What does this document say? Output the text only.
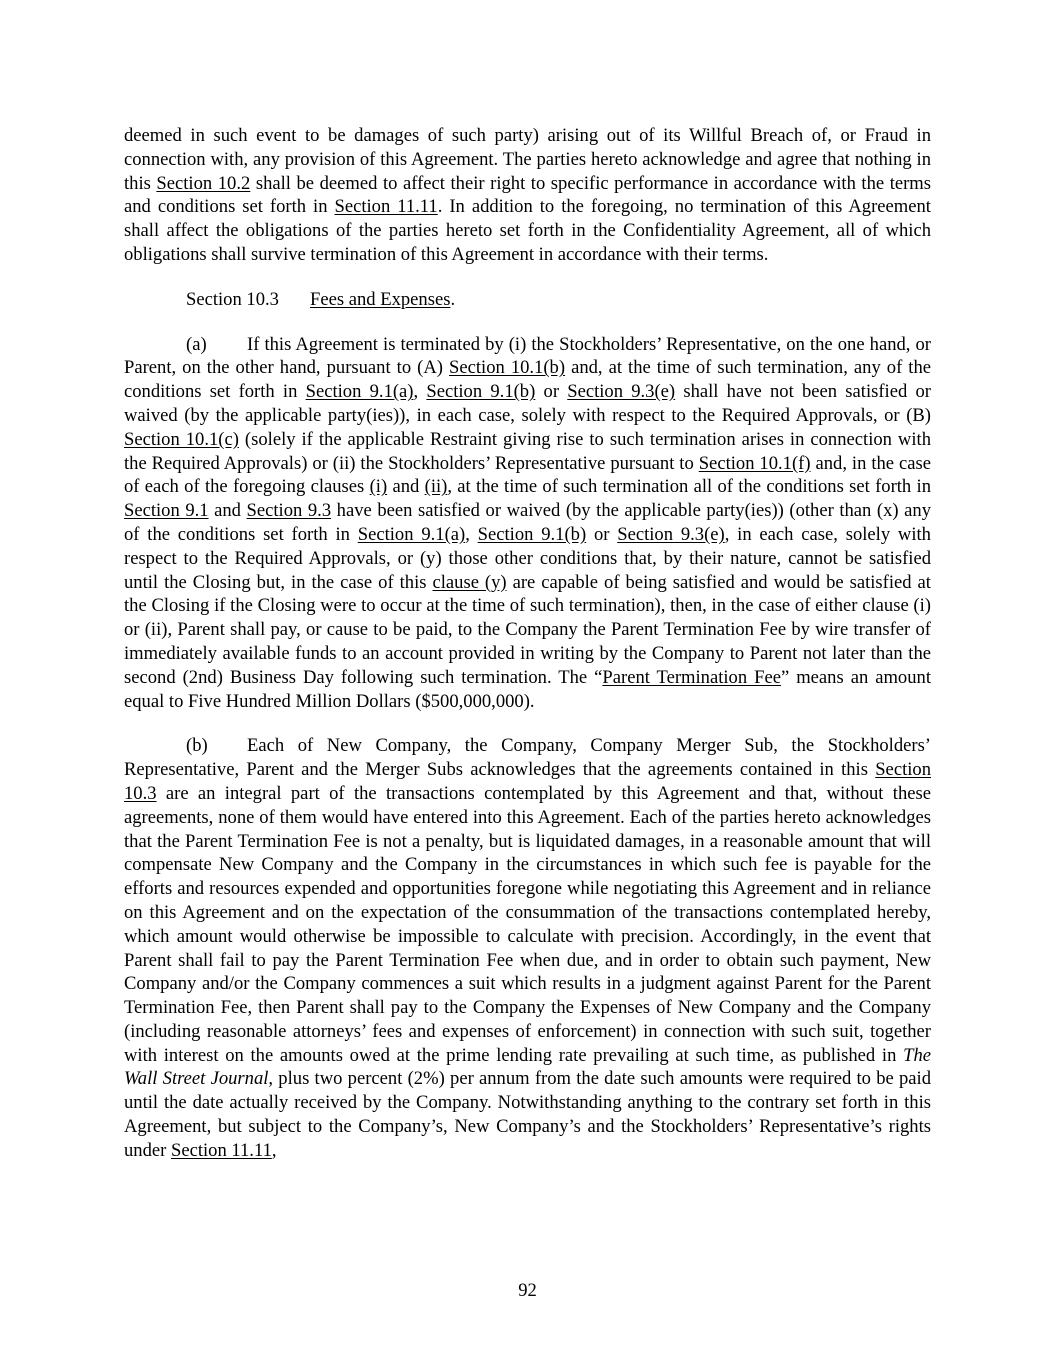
deemed in such event to be damages of such party) arising out of its Willful Breach of, or Fraud in connection with, any provision of this Agreement. The parties hereto acknowledge and agree that nothing in this Section 10.2 shall be deemed to affect their right to specific performance in accordance with the terms and conditions set forth in Section 11.11. In addition to the foregoing, no termination of this Agreement shall affect the obligations of the parties hereto set forth in the Confidentiality Agreement, all of which obligations shall survive termination of this Agreement in accordance with their terms.

Section 10.3 Fees and Expenses.

(a) If this Agreement is terminated by (i) the Stockholders’ Representative, on the one hand, or Parent, on the other hand, pursuant to (A) Section 10.1(b) and, at the time of such termination, any of the conditions set forth in Section 9.1(a), Section 9.1(b) or Section 9.3(e) shall have not been satisfied or waived (by the applicable party(ies)), in each case, solely with respect to the Required Approvals, or (B) Section 10.1(c) (solely if the applicable Restraint giving rise to such termination arises in connection with the Required Approvals) or (ii) the Stockholders’ Representative pursuant to Section 10.1(f) and, in the case of each of the foregoing clauses (i) and (ii), at the time of such termination all of the conditions set forth in Section 9.1 and Section 9.3 have been satisfied or waived (by the applicable party(ies)) (other than (x) any of the conditions set forth in Section 9.1(a), Section 9.1(b) or Section 9.3(e), in each case, solely with respect to the Required Approvals, or (y) those other conditions that, by their nature, cannot be satisfied until the Closing but, in the case of this clause (y) are capable of being satisfied and would be satisfied at the Closing if the Closing were to occur at the time of such termination), then, in the case of either clause (i) or (ii), Parent shall pay, or cause to be paid, to the Company the Parent Termination Fee by wire transfer of immediately available funds to an account provided in writing by the Company to Parent not later than the second (2nd) Business Day following such termination. The “Parent Termination Fee” means an amount equal to Five Hundred Million Dollars ($500,000,000).

(b) Each of New Company, the Company, Company Merger Sub, the Stockholders’ Representative, Parent and the Merger Subs acknowledges that the agreements contained in this Section 10.3 are an integral part of the transactions contemplated by this Agreement and that, without these agreements, none of them would have entered into this Agreement. Each of the parties hereto acknowledges that the Parent Termination Fee is not a penalty, but is liquidated damages, in a reasonable amount that will compensate New Company and the Company in the circumstances in which such fee is payable for the efforts and resources expended and opportunities foregone while negotiating this Agreement and in reliance on this Agreement and on the expectation of the consummation of the transactions contemplated hereby, which amount would otherwise be impossible to calculate with precision. Accordingly, in the event that Parent shall fail to pay the Parent Termination Fee when due, and in order to obtain such payment, New Company and/or the Company commences a suit which results in a judgment against Parent for the Parent Termination Fee, then Parent shall pay to the Company the Expenses of New Company and the Company (including reasonable attorneys’ fees and expenses of enforcement) in connection with such suit, together with interest on the amounts owed at the prime lending rate prevailing at such time, as published in The Wall Street Journal, plus two percent (2%) per annum from the date such amounts were required to be paid until the date actually received by the Company. Notwithstanding anything to the contrary set forth in this Agreement, but subject to the Company’s, New Company’s and the Stockholders’ Representative’s rights under Section 11.11,

92
